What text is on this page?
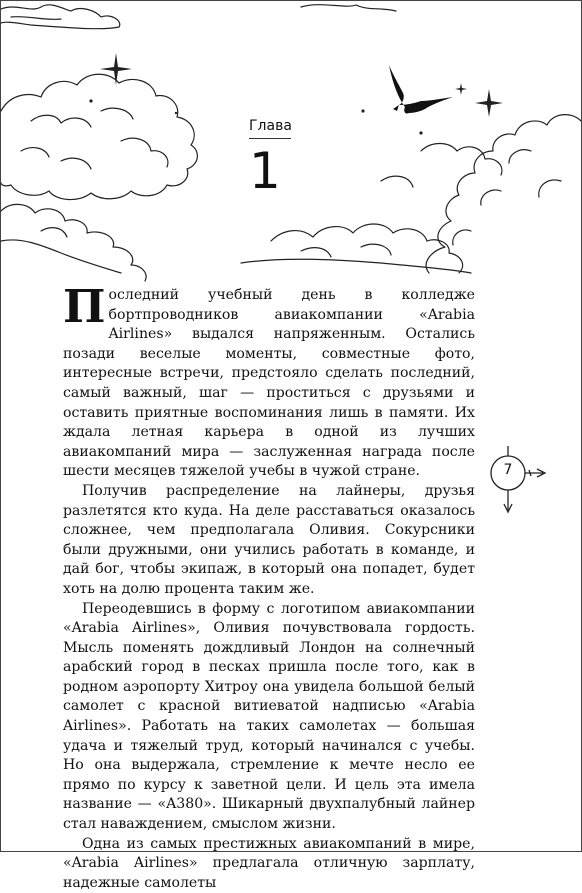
Глава
1

Последний учебный день в колледже бортпроводников авиакомпании «Arabia Airlines» выдался напряженным. Остались позади веселые моменты, совместные фото, интересные встречи, предстояло сделать последний, самый важный, шаг — проститься с друзьями и оставить приятные воспоминания лишь в памяти. Их ждала летная карьера в одной из лучших авиакомпаний мира — заслуженная награда после шести месяцев тяжелой учебы в чужой стране.

Получив распределение на лайнеры, друзья разлетятся кто куда. На деле расставаться оказалось сложнее, чем предполагала Оливия. Сокурсники были дружными, они учились работать в команде, и дай бог, чтобы экипаж, в который она попадет, будет хоть на долю процента таким же.

Переодевшись в форму с логотипом авиакомпании «Arabia Airlines», Оливия почувствовала гордость. Мысль поменять дождливый Лондон на солнечный арабский город в песках пришла после того, как в родном аэропорту Хитроу она увидела большой белый самолет с красной витиеватой надписью «Arabia Airlines». Работать на таких самолетах — большая удача и тяжелый труд, который начинался с учебы. Но она выдержала, стремление к мечте несло ее прямо по курсу к заветной цели. И цель эта имела название — «A380». Шикарный двухпалубный лайнер стал наваждением, смыслом жизни.

Одна из самых престижных авиакомпаний в мире, «Arabia Airlines» предлагала отличную зарплату, надежные самолеты

7
